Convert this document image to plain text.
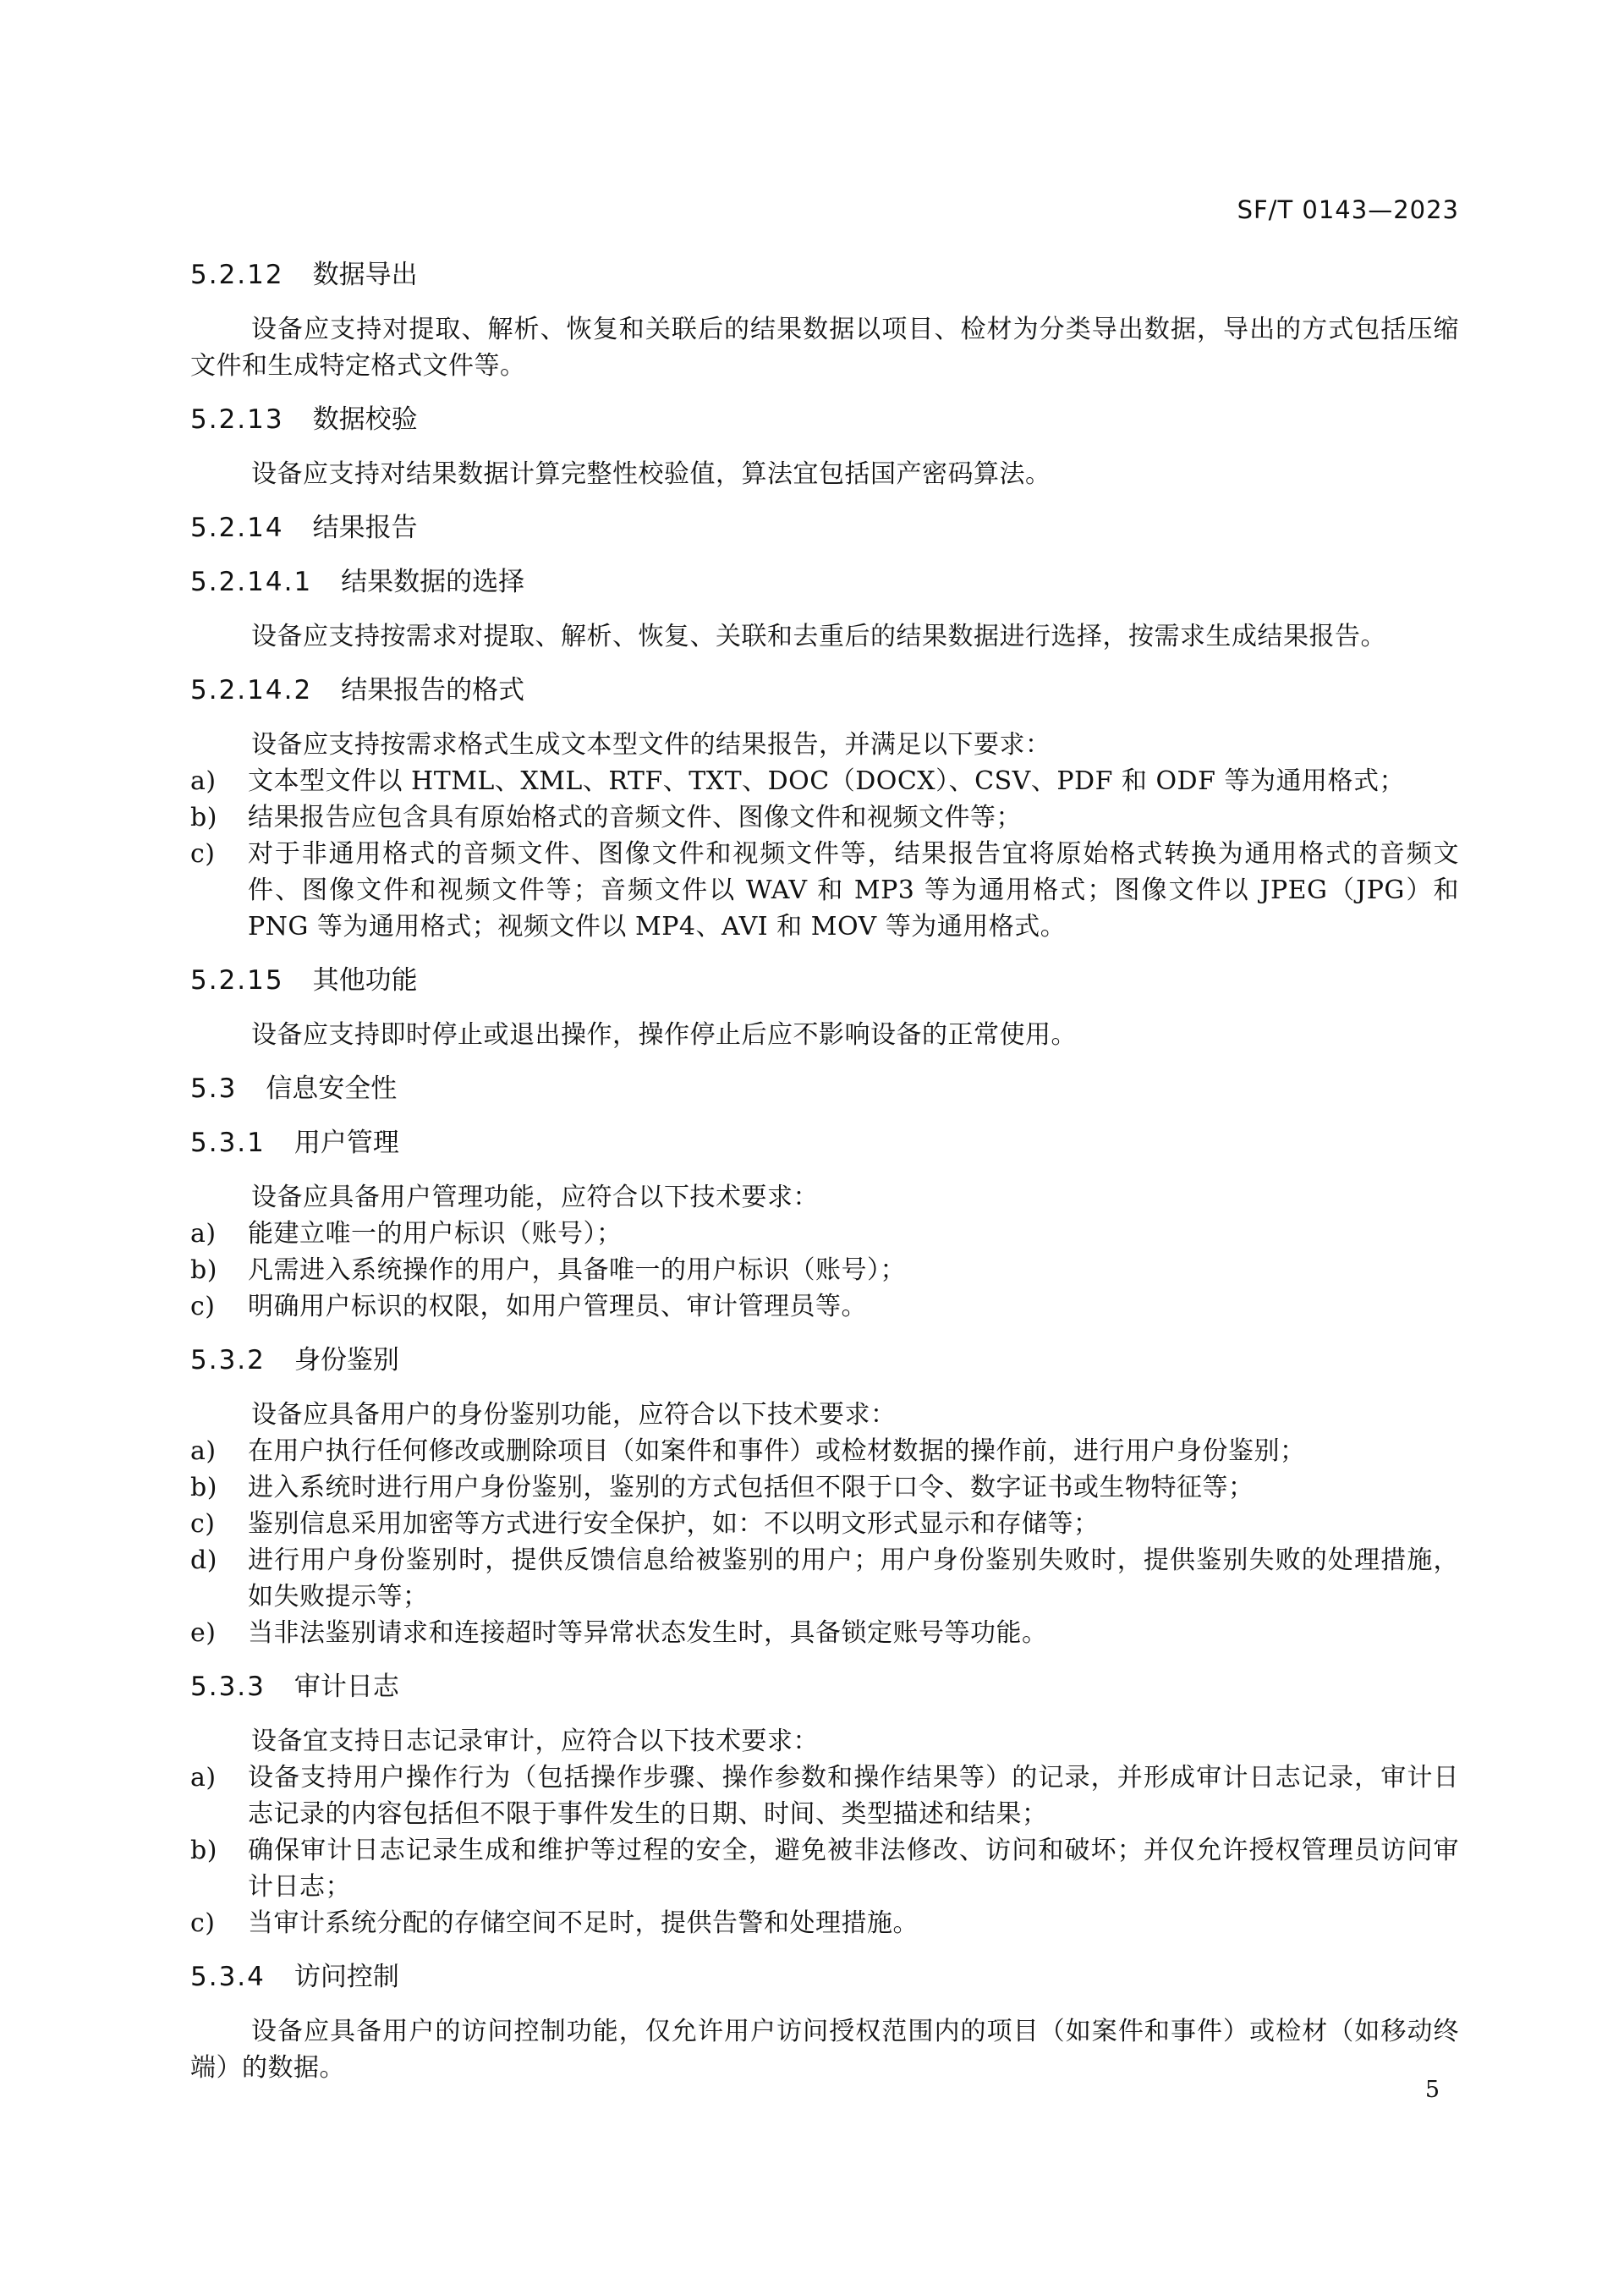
SF/T 0143—2023
5.2.12 数据导出

设备应支持对提取、解析、恢复和关联后的结果数据以项目、检材为分类导出数据，导出的方式包括压缩文件和生成特定格式文件等。

5.2.13 数据校验

设备应支持对结果数据计算完整性校验值，算法宜包括国产密码算法。

5.2.14 结果报告
5.2.14.1 结果数据的选择

设备应支持按需求对提取、解析、恢复、关联和去重后的结果数据进行选择，按需求生成结果报告。

5.2.14.2 结果报告的格式

设备应支持按需求格式生成文本型文件的结果报告，并满足以下要求：

a)	文本型文件以 HTML、XML、RTF、TXT、DOC（DOCX）、CSV、PDF 和 ODF 等为通用格式；
b)	结果报告应包含具有原始格式的音频文件、图像文件和视频文件等；
c)	对于非通用格式的音频文件、图像文件和视频文件等，结果报告宜将原始格式转换为通用格式的音频文件、图像文件和视频文件等；音频文件以 WAV 和 MP3 等为通用格式；图像文件以 JPEG（JPG）和 PNG 等为通用格式；视频文件以 MP4、AVI 和 MOV 等为通用格式。
5.2.15 其他功能

设备应支持即时停止或退出操作，操作停止后应不影响设备的正常使用。

5.3 信息安全性
5.3.1 用户管理

设备应具备用户管理功能，应符合以下技术要求：

a)	能建立唯一的用户标识（账号）；
b)	凡需进入系统操作的用户，具备唯一的用户标识（账号）；
c)	明确用户标识的权限，如用户管理员、审计管理员等。
5.3.2 身份鉴别

设备应具备用户的身份鉴别功能，应符合以下技术要求：

a)	在用户执行任何修改或删除项目（如案件和事件）或检材数据的操作前，进行用户身份鉴别；
b)	进入系统时进行用户身份鉴别，鉴别的方式包括但不限于口令、数字证书或生物特征等；
c)	鉴别信息采用加密等方式进行安全保护，如：不以明文形式显示和存储等；
d)	进行用户身份鉴别时，提供反馈信息给被鉴别的用户；用户身份鉴别失败时，提供鉴别失败的处理措施，如失败提示等；
e)	当非法鉴别请求和连接超时等异常状态发生时，具备锁定账号等功能。
5.3.3 审计日志

设备宜支持日志记录审计，应符合以下技术要求：

a)	设备支持用户操作行为（包括操作步骤、操作参数和操作结果等）的记录，并形成审计日志记录，审计日志记录的内容包括但不限于事件发生的日期、时间、类型描述和结果；
b)	确保审计日志记录生成和维护等过程的安全，避免被非法修改、访问和破坏；并仅允许授权管理员访问审计日志；
c)	当审计系统分配的存储空间不足时，提供告警和处理措施。
5.3.4 访问控制

设备应具备用户的访问控制功能，仅允许用户访问授权范围内的项目（如案件和事件）或检材（如移动终端）的数据。

5
